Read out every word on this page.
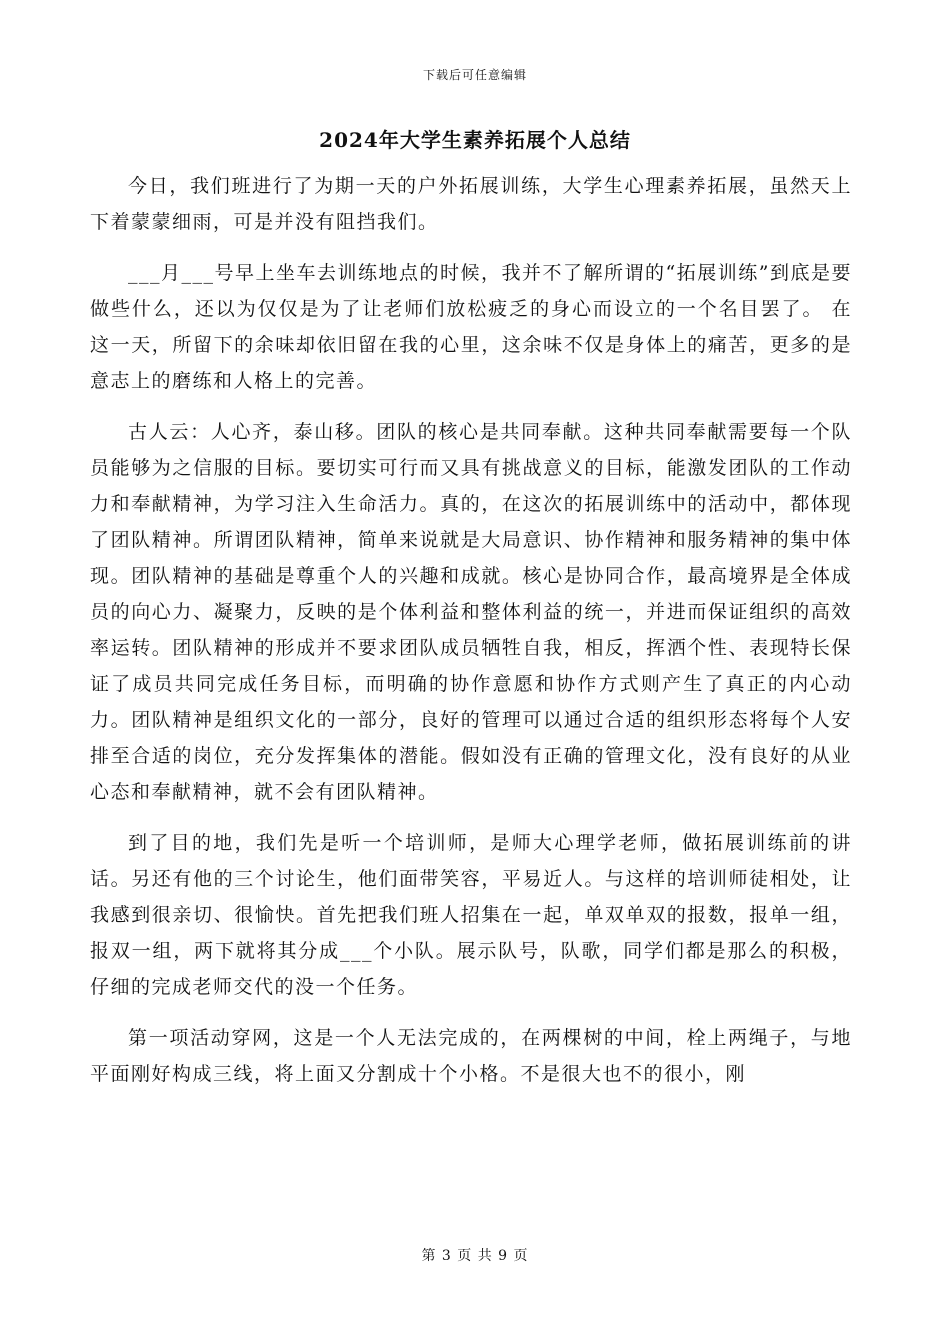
下载后可任意编辑
2024年大学生素养拓展个人总结

今日，我们班进行了为期一天的户外拓展训练，大学生心理素养拓展，虽然天上下着蒙蒙细雨，可是并没有阻挡我们。

___月___号早上坐车去训练地点的时候，我并不了解所谓的“拓展训练”到底是要做些什么，还以为仅仅是为了让老师们放松疲乏的身心而设立的一个名目罢了。 在这一天，所留下的余味却依旧留在我的心里，这余味不仅是身体上的痛苦，更多的是意志上的磨练和人格上的完善。

古人云：人心齐，泰山移。团队的核心是共同奉献。这种共同奉献需要每一个队员能够为之信服的目标。要切实可行而又具有挑战意义的目标，能激发团队的工作动力和奉献精神，为学习注入生命活力。真的，在这次的拓展训练中的活动中，都体现了团队精神。所谓团队精神，简单来说就是大局意识、协作精神和服务精神的集中体现。团队精神的基础是尊重个人的兴趣和成就。核心是协同合作，最高境界是全体成员的向心力、凝聚力，反映的是个体利益和整体利益的统一，并进而保证组织的高效率运转。团队精神的形成并不要求团队成员牺牲自我，相反，挥洒个性、表现特长保证了成员共同完成任务目标，而明确的协作意愿和协作方式则产生了真正的内心动力。团队精神是组织文化的一部分，良好的管理可以通过合适的组织形态将每个人安排至合适的岗位，充分发挥集体的潜能。假如没有正确的管理文化，没有良好的从业心态和奉献精神，就不会有团队精神。

到了目的地，我们先是听一个培训师，是师大心理学老师，做拓展训练前的讲话。另还有他的三个讨论生，他们面带笑容，平易近人。与这样的培训师徒相处，让我感到很亲切、很愉快。首先把我们班人招集在一起，单双单双的报数，报单一组，报双一组，两下就将其分成___个小队。展示队号，队歌，同学们都是那么的积极，仔细的完成老师交代的没一个任务。

第一项活动穿网，这是一个人无法完成的，在两棵树的中间，栓上两绳子，与地平面刚好构成三线，将上面又分割成十个小格。不是很大也不的很小，刚

第 3 页 共 9 页
